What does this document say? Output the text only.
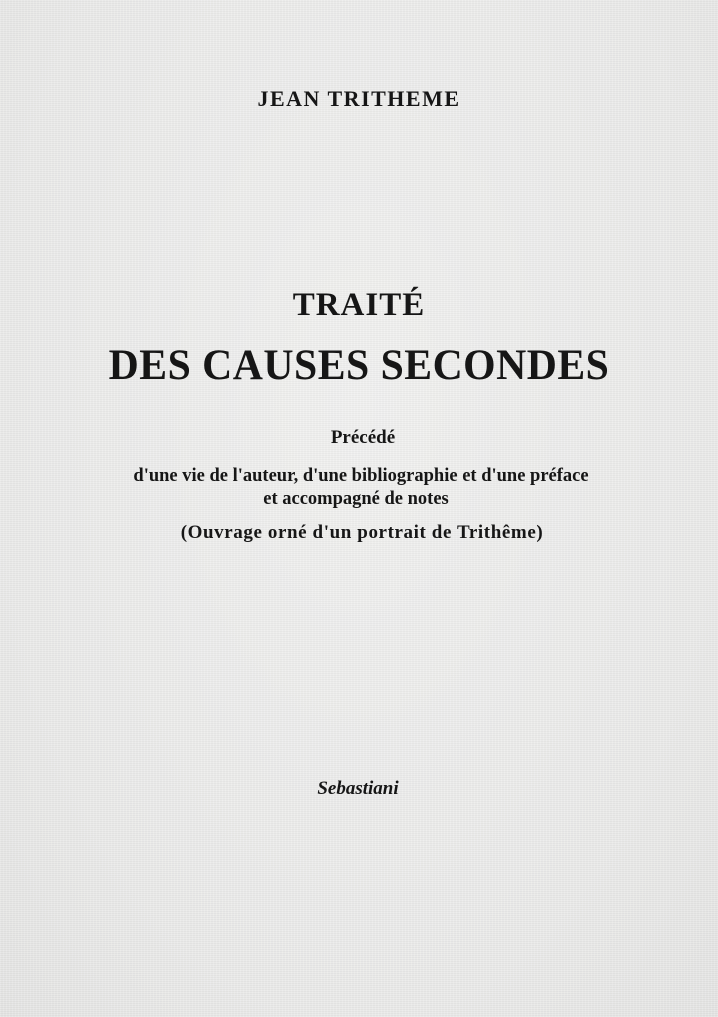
JEAN TRITHEME

TRAITÉ

DES CAUSES SECONDES

Précédé

d'une vie de l'auteur, d'une bibliographie et d'une préface

et accompagné de notes

(Ouvrage orné d'un portrait de Trithême)

Sebastiani
